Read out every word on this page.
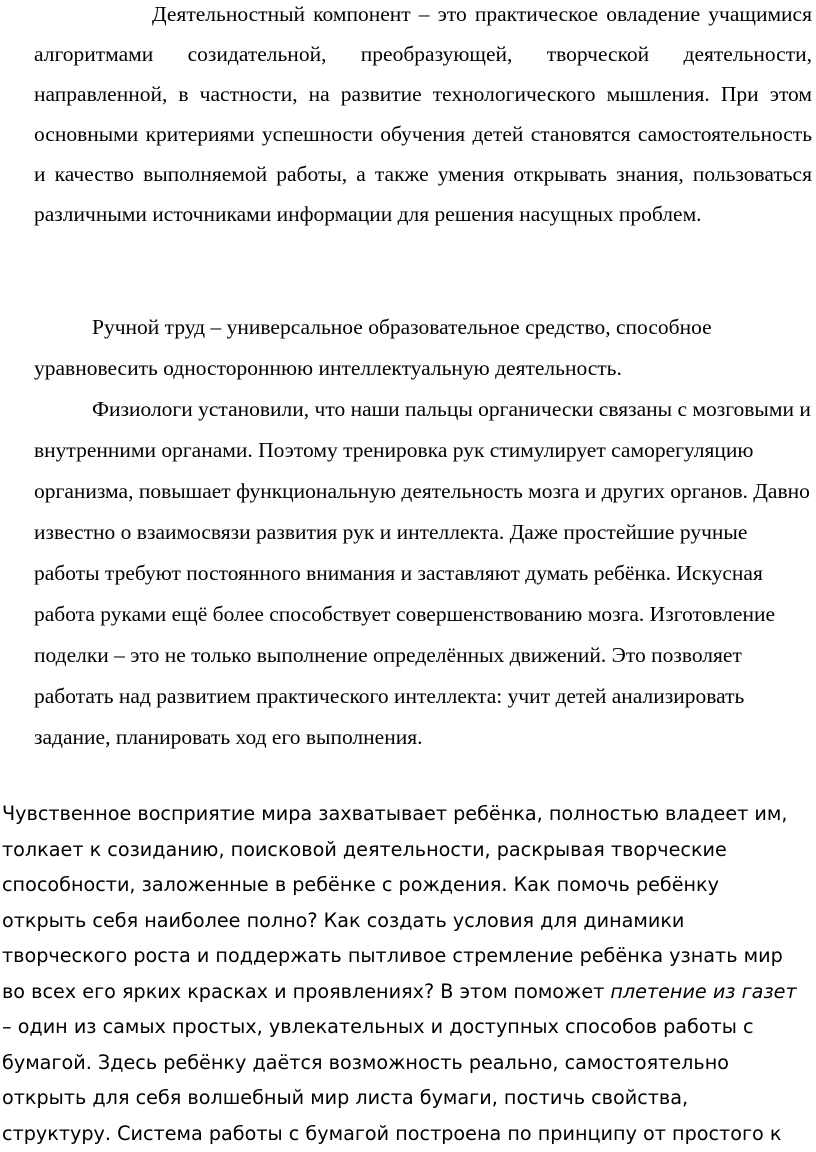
Деятельностный компонент – это практическое овладение учащимися алгоритмами созидательной, преобразующей, творческой деятельности, направленной, в частности, на развитие технологического мышления. При этом основными критериями успешности обучения детей становятся самостоятельность и качество выполняемой работы, а также умения открывать знания, пользоваться различными источниками информации для решения насущных проблем.

Ручной труд – универсальное образовательное средство, способное уравновесить одностороннюю интеллектуальную деятельность.

Физиологи установили, что наши пальцы органически связаны с мозговыми и внутренними органами. Поэтому тренировка рук стимулирует саморегуляцию организма, повышает функциональную деятельность мозга и других органов. Давно известно о взаимосвязи развития рук и интеллекта. Даже простейшие ручные работы требуют постоянного внимания и заставляют думать ребёнка. Искусная работа руками ещё более способствует совершенствованию мозга. Изготовление поделки – это не только выполнение определённых движений. Это позволяет работать над развитием практического интеллекта: учит детей анализировать задание, планировать ход его выполнения.

Чувственное восприятие мира захватывает ребёнка, полностью владеет им, толкает к созиданию, поисковой деятельности, раскрывая творческие способности, заложенные в ребёнке с рождения. Как помочь ребёнку открыть себя наиболее полно? Как создать условия для динамики творческого роста и поддержать пытливое стремление ребёнка узнать мир во всех его ярких красках и проявлениях? В этом поможет плетение из газет – один из самых простых, увлекательных и доступных способов работы с бумагой. Здесь ребёнку даётся возможность реально, самостоятельно открыть для себя волшебный мир листа бумаги, постичь свойства, структуру. Система работы с бумагой построена по принципу от простого к
